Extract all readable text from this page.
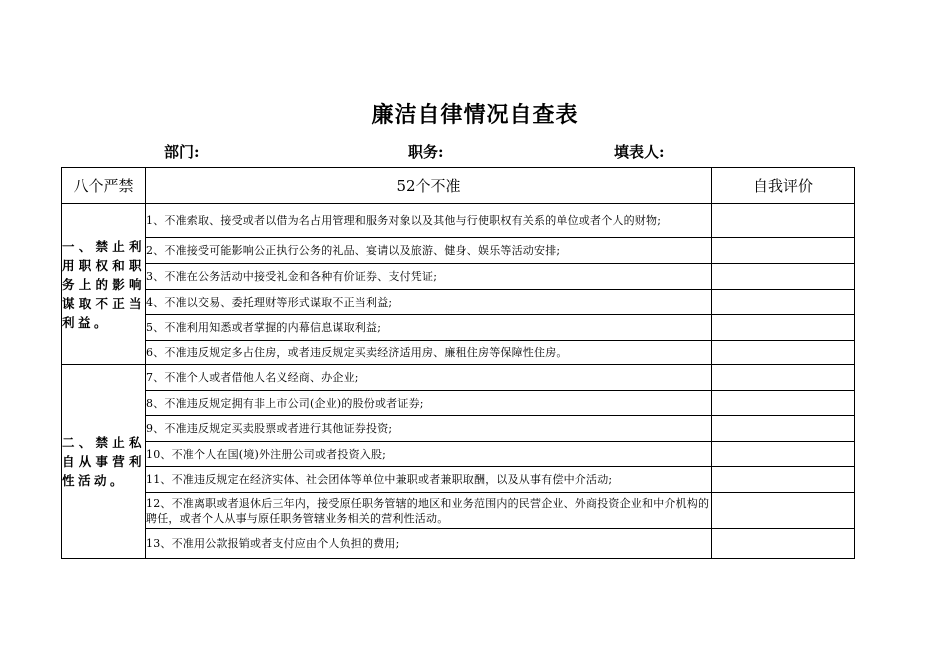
廉洁自律情况自查表
部门:	职务:	填表人:
八个严禁	52个不准	自我评价
一、禁止利用职权和职务上的影响谋取不正当利益。	1、不准索取、接受或者以借为名占用管理和服务对象以及其他与行使职权有关系的单位或者个人的财物;	
	2、不准接受可能影响公正执行公务的礼品、宴请以及旅游、健身、娱乐等活动安排;	
	3、不准在公务活动中接受礼金和各种有价证券、支付凭证;	
	4、不准以交易、委托理财等形式谋取不正当利益;	
	5、不准利用知悉或者掌握的内幕信息谋取利益;	
	6、不准违反规定多占住房，或者违反规定买卖经济适用房、廉租住房等保障性住房。	
二、禁止私自从事营利性活动。	7、不准个人或者借他人名义经商、办企业;	
	8、不准违反规定拥有非上市公司(企业)的股份或者证券;	
	9、不准违反规定买卖股票或者进行其他证券投资;	
	10、不准个人在国(境)外注册公司或者投资入股;	
	11、不准违反规定在经济实体、社会团体等单位中兼职或者兼职取酬，以及从事有偿中介活动;	
	12、不准离职或者退休后三年内，接受原任职务管辖的地区和业务范围内的民营企业、外商投资企业和中介机构的聘任，或者个人从事与原任职务管辖业务相关的营利性活动。	
	13、不准用公款报销或者支付应由个人负担的费用;	
